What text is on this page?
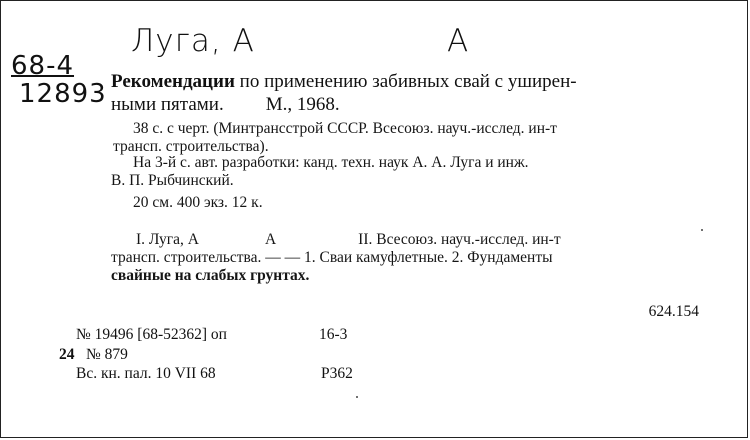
Луга, А	А
68-4
12893 Рекомендации по применению забивных свай с уширен-
ными пятами. М., 1968.
38 с. с черт. (Минтрансстрой СССР. Всесоюз. науч.-исслед. ин-т
трансп. строительства).
На 3-й с. авт. разработки: канд. техн. наук А. А. Луга и инж.
В. П. Рыбчинский.
20 см. 400 экз. 12 к.
I. Луга, А	А	II. Всесоюз. науч.-исслед. ин-т
трансп. строительства. — — 1. Сваи камуфлетные. 2. Фундаменты
свайные на слабых грунтах.
624.154
№ 19496 [68-52362] оп	16-3
24 № 879
Вс. кн. пал. 10 VII 68	Р362
